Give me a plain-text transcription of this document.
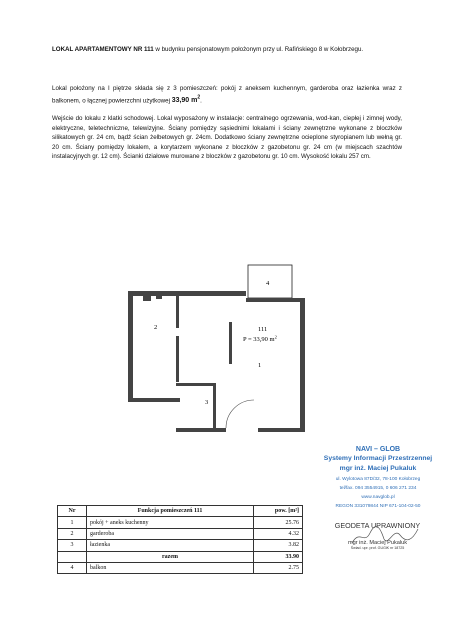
LOKAL APARTAMENTOWY NR 111 w budynku pensjonatowym położonym przy ul. Rafińskiego 8 w Kołobrzegu.

Lokal położony na I piętrze składa się z 3 pomieszczeń: pokój z aneksem kuchennym, garderoba oraz łazienka wraz z balkonem, o łącznej powierzchni użytkowej 33,90 $m^2$.

Wejście do lokalu z klatki schodowej. Lokal wyposażony w instalacje: centralnego ogrzewania, wod-kan, ciepłej i zimnej wody, elektryczne, teletechniczne, telewizyjne. Ściany pomiędzy sąsiednimi lokalami i ściany zewnętrzne wykonane z bloczków silikatowych gr. 24 cm, bądź ścian żelbetowych gr. 24cm. Dodatkowo ściany zewnętrzne ocieplone styropianem lub wełną gr. 20 cm. Ściany pomiędzy lokalem, a korytarzem wykonane z bloczków z gazobetonu gr. 24 cm (w miejscach szachtów instalacyjnych gr. 12 cm). Ścianki działowe murowane z bloczków z gazobetonu gr. 10 cm. Wysokość lokalu 257 cm.

1
2
3
4
111
P = 33,90 $m^2$
NAVI – GLOB
Systemy Informacji Przestrzennej
mgr inż. Maciej Pukaluk
ul. Wylotowa 87D/32, 78-100 Kołobrzeg
tel/fax. 094 3554915, 0 606 271 234
www.navglob.pl
REGON 331079844 NIP 671-104-02-50
GEODETA UPRAWNIONY
mgr inż. Maciej Pukaluk
Świad. upr. prof. GUGiK nr 18725
Nr	Funkcja pomieszczeń 111	pow. [m²]
1	pokój + aneks kuchenny	25.76
2	garderoba	4.32
3	łazienka	3.82
	razem	33.90
4	balkon	2.75
